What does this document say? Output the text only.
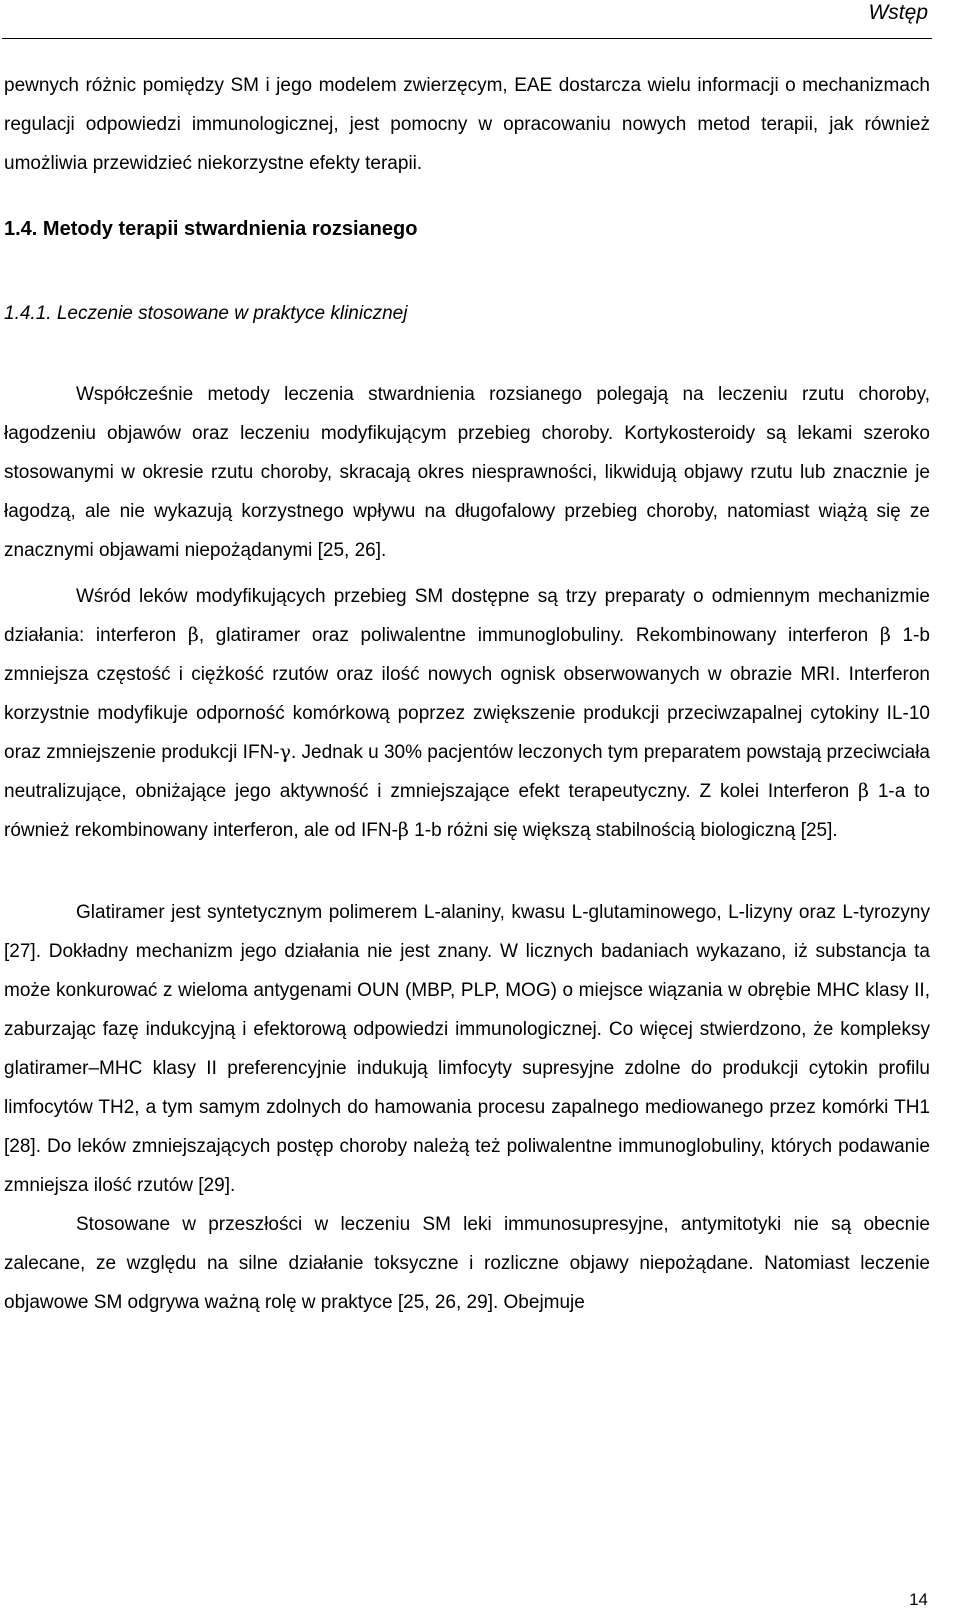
Wstęp

pewnych różnic pomiędzy SM i jego modelem zwierzęcym, EAE dostarcza wielu informacji o mechanizmach regulacji odpowiedzi immunologicznej, jest pomocny w opracowaniu nowych metod terapii, jak również umożliwia przewidzieć niekorzystne efekty terapii.

1.4. Metody terapii stwardnienia rozsianego
1.4.1. Leczenie stosowane w praktyce klinicznej

Współcześnie metody leczenia stwardnienia rozsianego polegają na leczeniu rzutu choroby, łagodzeniu objawów oraz leczeniu modyfikującym przebieg choroby. Kortykosteroidy są lekami szeroko stosowanymi w okresie rzutu choroby, skracają okres niesprawności, likwidują objawy rzutu lub znacznie je łagodzą, ale nie wykazują korzystnego wpływu na długofalowy przebieg choroby, natomiast wiążą się ze znacznymi objawami niepożądanymi [25, 26].

Wśród leków modyfikujących przebieg SM dostępne są trzy preparaty o odmiennym mechanizmie działania: interferon β, glatiramer oraz poliwalentne immunoglobuliny. Rekombinowany interferon β 1-b zmniejsza częstość i ciężkość rzutów oraz ilość nowych ognisk obserwowanych w obrazie MRI. Interferon korzystnie modyfikuje odporność komórkową poprzez zwiększenie produkcji przeciwzapalnej cytokiny IL-10 oraz zmniejszenie produkcji IFN-γ. Jednak u 30% pacjentów leczonych tym preparatem powstają przeciwciała neutralizujące, obniżające jego aktywność i zmniejszające efekt terapeutyczny. Z kolei Interferon β 1-a to również rekombinowany interferon, ale od IFN-β 1-b różni się większą stabilnością biologiczną [25].

Glatiramer jest syntetycznym polimerem L-alaniny, kwasu L-glutaminowego, L-lizyny oraz L-tyrozyny [27]. Dokładny mechanizm jego działania nie jest znany. W licznych badaniach wykazano, iż substancja ta może konkurować z wieloma antygenami OUN (MBP, PLP, MOG) o miejsce wiązania w obrębie MHC klasy II, zaburzając fazę indukcyjną i efektorową odpowiedzi immunologicznej. Co więcej stwierdzono, że kompleksy glatiramer–MHC klasy II preferencyjnie indukują limfocyty supresyjne zdolne do produkcji cytokin profilu limfocytów TH2, a tym samym zdolnych do hamowania procesu zapalnego mediowanego przez komórki TH1 [28]. Do leków zmniejszających postęp choroby należą też poliwalentne immunoglobuliny, których podawanie zmniejsza ilość rzutów [29].

Stosowane w przeszłości w leczeniu SM leki immunosupresyjne, antymitotyki nie są obecnie zalecane, ze względu na silne działanie toksyczne i rozliczne objawy niepożądane. Natomiast leczenie objawowe SM odgrywa ważną rolę w praktyce [25, 26, 29]. Obejmuje

14
